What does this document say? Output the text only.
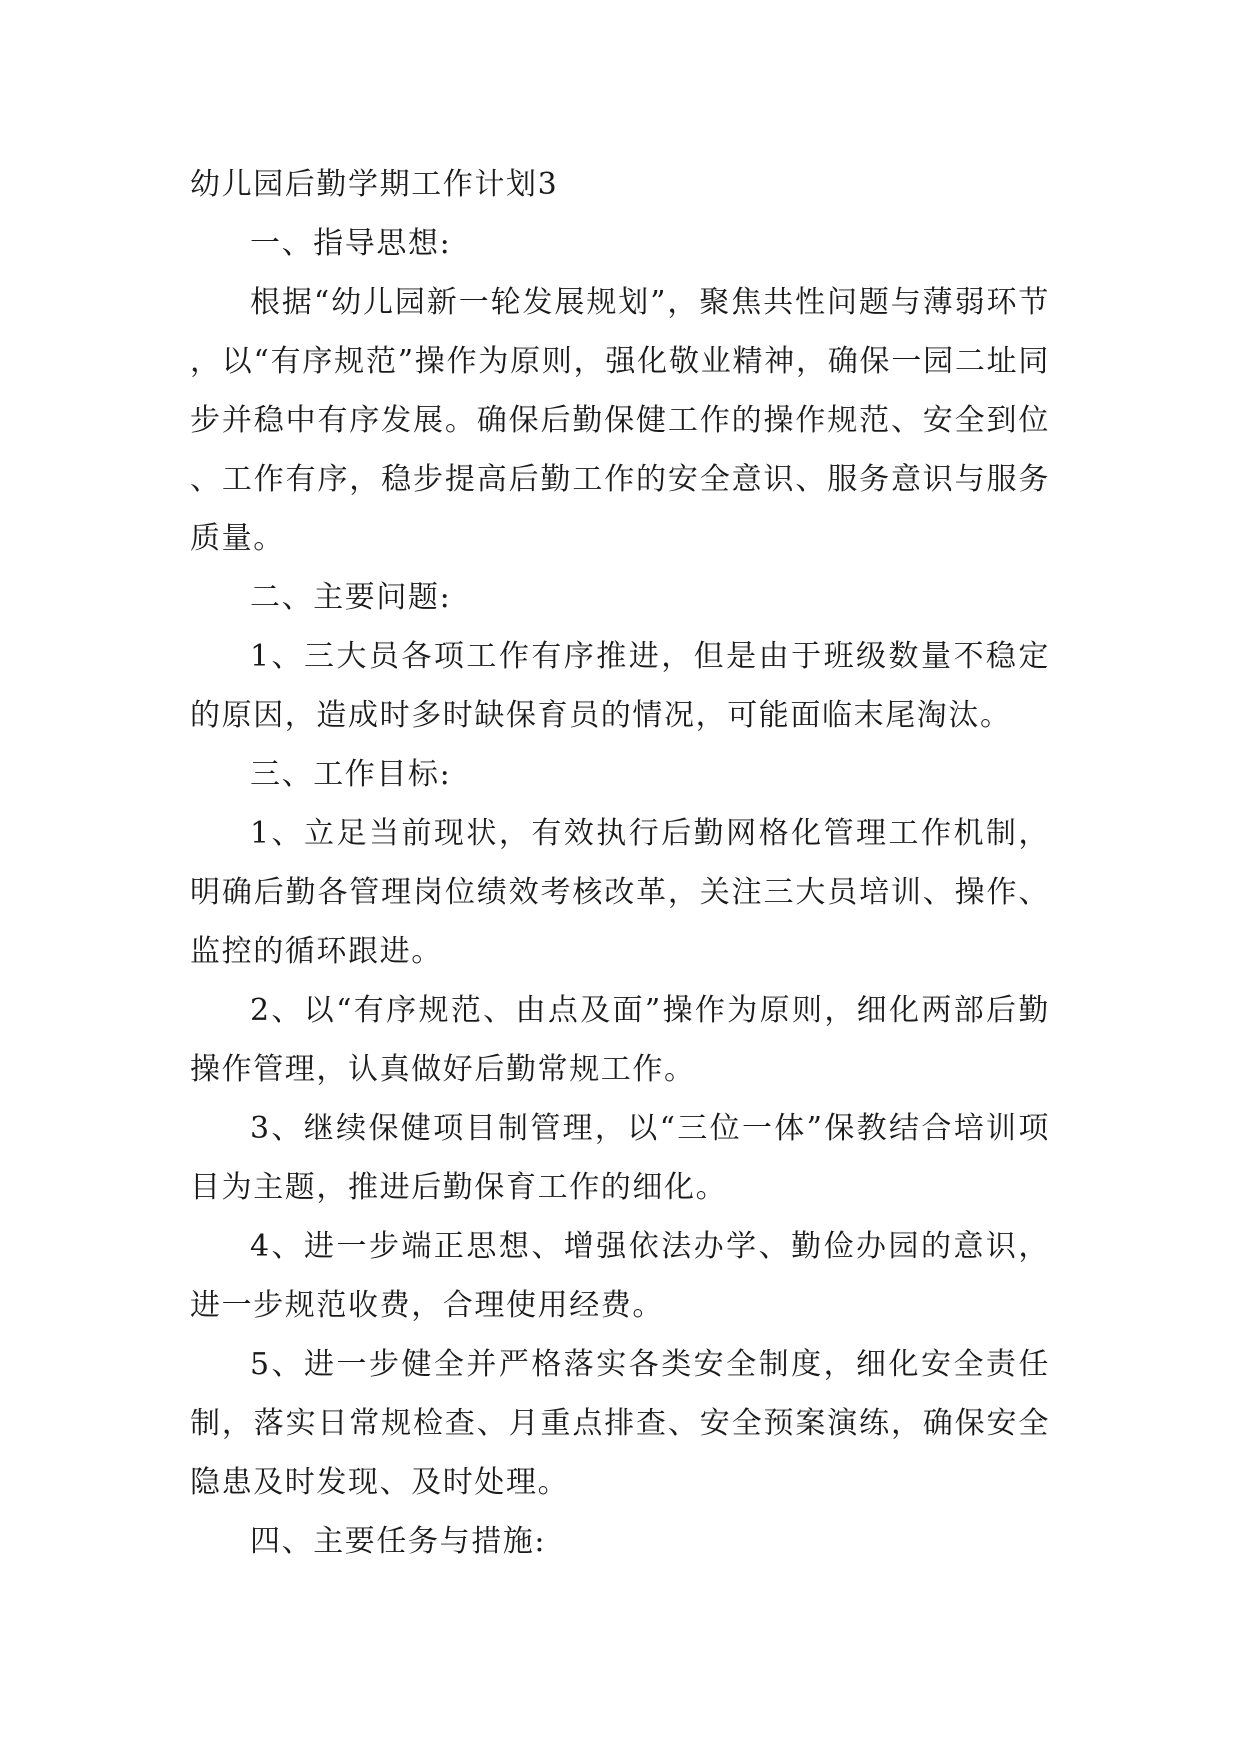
幼儿园后勤学期工作计划3

一、指导思想:

根据“幼儿园新一轮发展规划”，聚焦共性问题与薄弱环节，以“有序规范”操作为原则，强化敬业精神，确保一园二址同步并稳中有序发展。确保后勤保健工作的操作规范、安全到位、工作有序，稳步提高后勤工作的安全意识、服务意识与服务质量。

二、主要问题:

1、三大员各项工作有序推进，但是由于班级数量不稳定的原因，造成时多时缺保育员的情况，可能面临末尾淘汰。

三、工作目标:

1、立足当前现状，有效执行后勤网格化管理工作机制，明确后勤各管理岗位绩效考核改革，关注三大员培训、操作、监控的循环跟进。

2、以“有序规范、由点及面”操作为原则，细化两部后勤操作管理，认真做好后勤常规工作。

3、继续保健项目制管理，以“三位一体”保教结合培训项目为主题，推进后勤保育工作的细化。

4、进一步端正思想、增强依法办学、勤俭办园的意识，进一步规范收费，合理使用经费。

5、进一步健全并严格落实各类安全制度，细化安全责任制，落实日常规检查、月重点排查、安全预案演练，确保安全隐患及时发现、及时处理。

四、主要任务与措施:
